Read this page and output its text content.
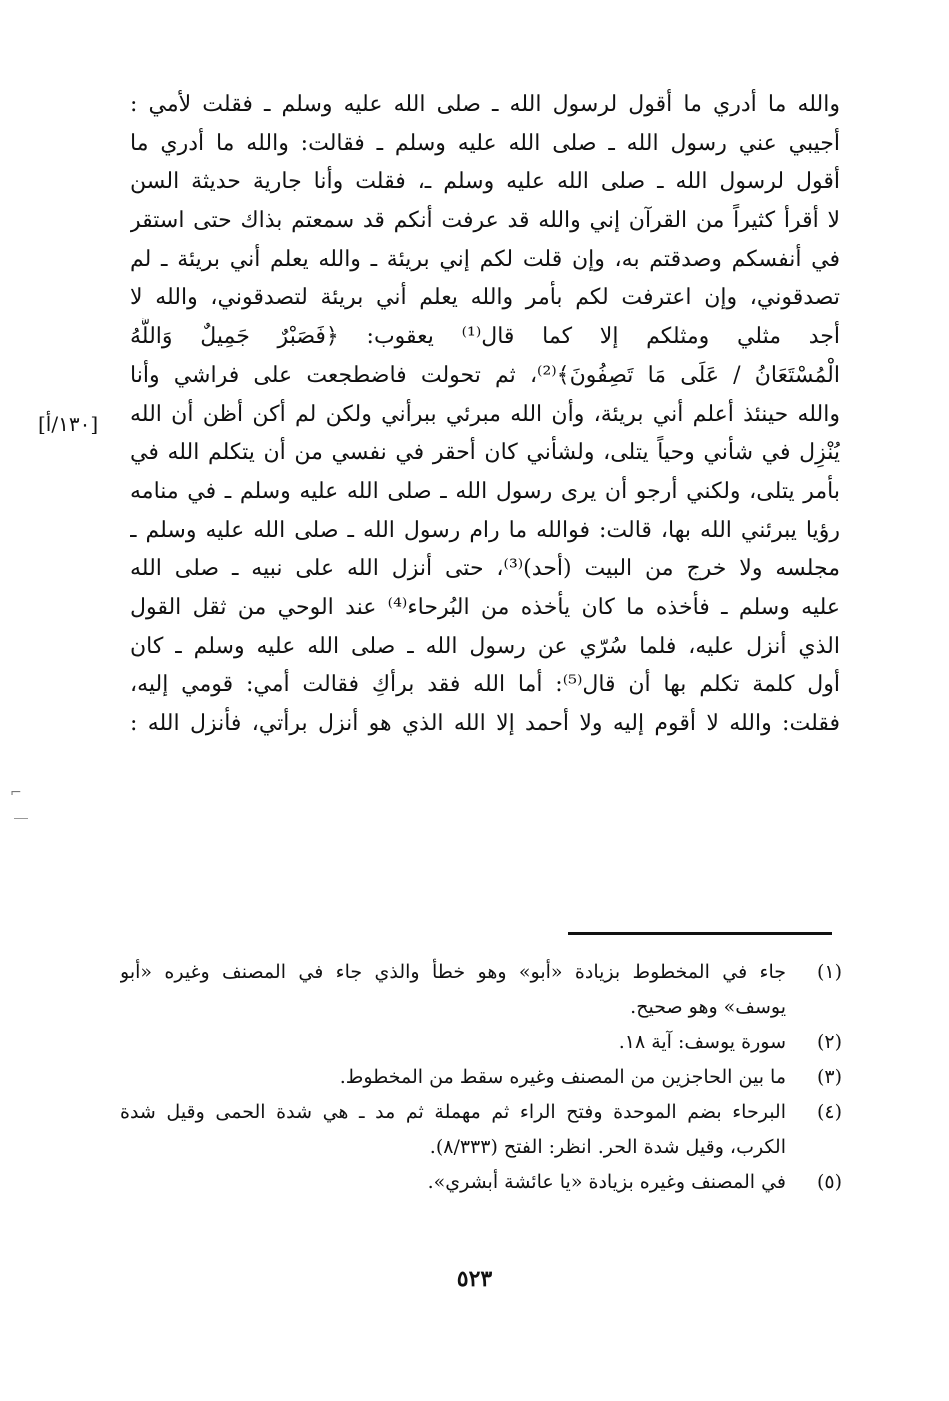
والله ما أدري ما أقول لرسول الله ـ صلى الله عليه وسلم ـ فقلت لأمي :
أجيبي عني رسول الله ـ صلى الله عليه وسلم ـ فقالت: والله ما أدري ما
أقول لرسول الله ـ صلى الله عليه وسلم ـ، فقلت وأنا جارية حديثة السن
لا أقرأ كثيراً من القرآن إني والله قد عرفت أنكم قد سمعتم بذاك حتى استقر
في أنفسكم وصدقتم به، وإن قلت لكم إني بريئة ـ والله يعلم أني بريئة ـ لم
تصدقوني، وإن اعترفت لكم بأمر والله يعلم أني بريئة لتصدقوني، والله لا
أجد مثلي ومثلكم إلا كما قال⁽¹⁾ يعقوب: ﴿فَصَبْرٌ جَمِيلٌ وَاللَّهُ
الْمُسْتَعَانُ / عَلَى مَا تَصِفُونَ﴾⁽²⁾، ثم تحولت فاضطجعت على فراشي وأنا
والله حينئذ أعلم أني بريئة، وأن الله مبرئي ببرأني ولكن لم أكن أظن أن الله
يُنْزِل في شأني وحياً يتلى، ولشأني كان أحقر في نفسي من أن يتكلم الله في
بأمر يتلى، ولكني أرجو أن يرى رسول الله ـ صلى الله عليه وسلم ـ في منامه
رؤيا يبرئني الله بها، قالت: فوالله ما رام رسول الله ـ صلى الله عليه وسلم ـ
مجلسه ولا خرج من البيت (أحد)⁽³⁾، حتى أنزل الله على نبيه ـ صلى الله
عليه وسلم ـ فأخذه ما كان يأخذه من البُرحاء⁽⁴⁾ عند الوحي من ثقل القول
الذي أنزل عليه، فلما سُرّي عن رسول الله ـ صلى الله عليه وسلم ـ كان
أول كلمة تكلم بها أن قال⁽⁵⁾: أما الله فقد برأكِ فقالت أمي: قومي إليه،
فقلت: والله لا أقوم إليه ولا أحمد إلا الله الذي هو أنزل برأتي، فأنزل الله :
[١٣٠/أ]
⌐
(١)
جاء في المخطوط بزيادة «أبو» وهو خطأ والذي جاء في المصنف وغيره «أبو
يوسف» وهو صحيح.
(٢)
سورة يوسف: آية ١٨.
(٣)
ما بين الحاجزين من المصنف وغيره سقط من المخطوط.
(٤)
البرحاء بضم الموحدة وفتح الراء ثم مهملة ثم مد ـ هي شدة الحمى وقيل شدة
الكرب، وقيل شدة الحر. انظر: الفتح (٨/٣٣٣).
(٥)
في المصنف وغيره بزيادة «يا عائشة أبشري».
٥٢٣
